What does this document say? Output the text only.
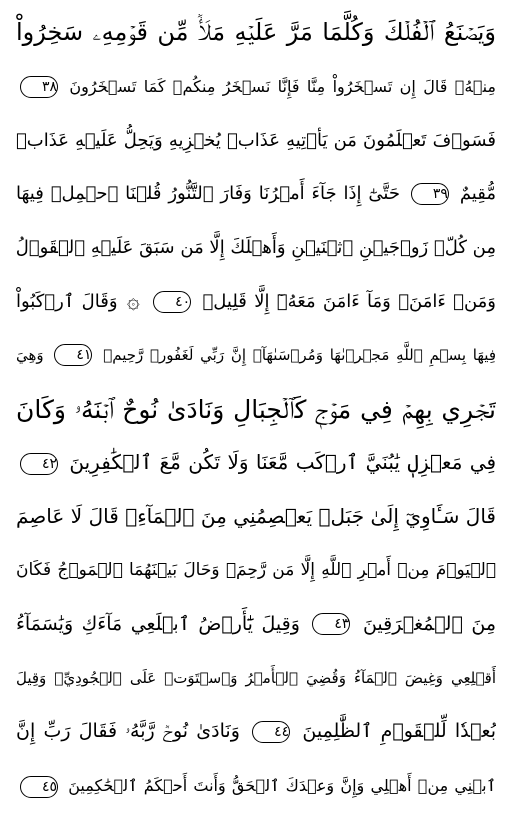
وَيَصۡنَعُ ٱلۡفُلۡكَ وَكُلَّمَا مَرَّ عَلَيۡهِ مَلَأٞ مِّن قَوۡمِهِۦ سَخِرُواْ
مِنۡهُۚ قَالَ إِن تَسۡخَرُواْ مِنَّا فَإِنَّا نَسۡخَرُ مِنكُمۡ كَمَا تَسۡخَرُونَ ٣٨
فَسَوۡفَ تَعۡلَمُونَ مَن يَأۡتِيهِ عَذَابٞ يُخۡزِيهِ وَيَحِلُّ عَلَيۡهِ عَذَابٞ
مُّقِيمٌ ٣٩ حَتَّىٰٓ إِذَا جَآءَ أَمۡرُنَا وَفَارَ ٱلتَّنُّورُ قُلۡنَا ٱحۡمِلۡ فِيهَا
مِن كُلّٖ زَوۡجَيۡنِ ٱثۡنَيۡنِ وَأَهۡلَكَ إِلَّا مَن سَبَقَ عَلَيۡهِ ٱلۡقَوۡلُ
وَمَنۡ ءَامَنَۚ وَمَآ ءَامَنَ مَعَهُۥٓ إِلَّا قَلِيلٞ ٤٠ ۞ وَقَالَ ٱرۡكَبُواْ
فِيهَا بِسۡمِ ٱللَّهِ مَجۡرٜىٰهَا وَمُرۡسَىٰهَآۚ إِنَّ رَبِّي لَغَفُورٞ رَّحِيمٞ ٤١ وَهِيَ
تَجۡرِي بِهِمۡ فِي مَوۡجٖ كَٱلۡجِبَالِ وَنَادَىٰ نُوحٌ ٱبۡنَهُۥ وَكَانَ
فِي مَعۡزِلٖ يَٰبُنَيَّ ٱرۡكَب مَّعَنَا وَلَا تَكُن مَّعَ ٱلۡكَٰفِرِينَ ٤٢
قَالَ سَـَٔاوِيٓ إِلَىٰ جَبَلٖ يَعۡصِمُنِي مِنَ ٱلۡمَآءِۚ قَالَ لَا عَاصِمَ
ٱلۡيَوۡمَ مِنۡ أَمۡرِ ٱللَّهِ إِلَّا مَن رَّحِمَۚ وَحَالَ بَيۡنَهُمَا ٱلۡمَوۡجُ فَكَانَ
مِنَ ٱلۡمُغۡرَقِينَ ٤٣ وَقِيلَ يَٰٓأَرۡضُ ٱبۡلَعِي مَآءَكِ وَيَٰسَمَآءُ
أَقۡلِعِي وَغِيضَ ٱلۡمَآءُ وَقُضِيَ ٱلۡأَمۡرُ وَٱسۡتَوَتۡ عَلَى ٱلۡجُودِيِّۖ وَقِيلَ
بُعۡدٗا لِّلۡقَوۡمِ ٱلظَّٰلِمِينَ ٤٤ وَنَادَىٰ نُوحٞ رَّبَّهُۥ فَقَالَ رَبِّ إِنَّ
ٱبۡنِي مِنۡ أَهۡلِي وَإِنَّ وَعۡدَكَ ٱلۡحَقُّ وَأَنتَ أَحۡكَمُ ٱلۡحَٰكِمِينَ ٤٥
